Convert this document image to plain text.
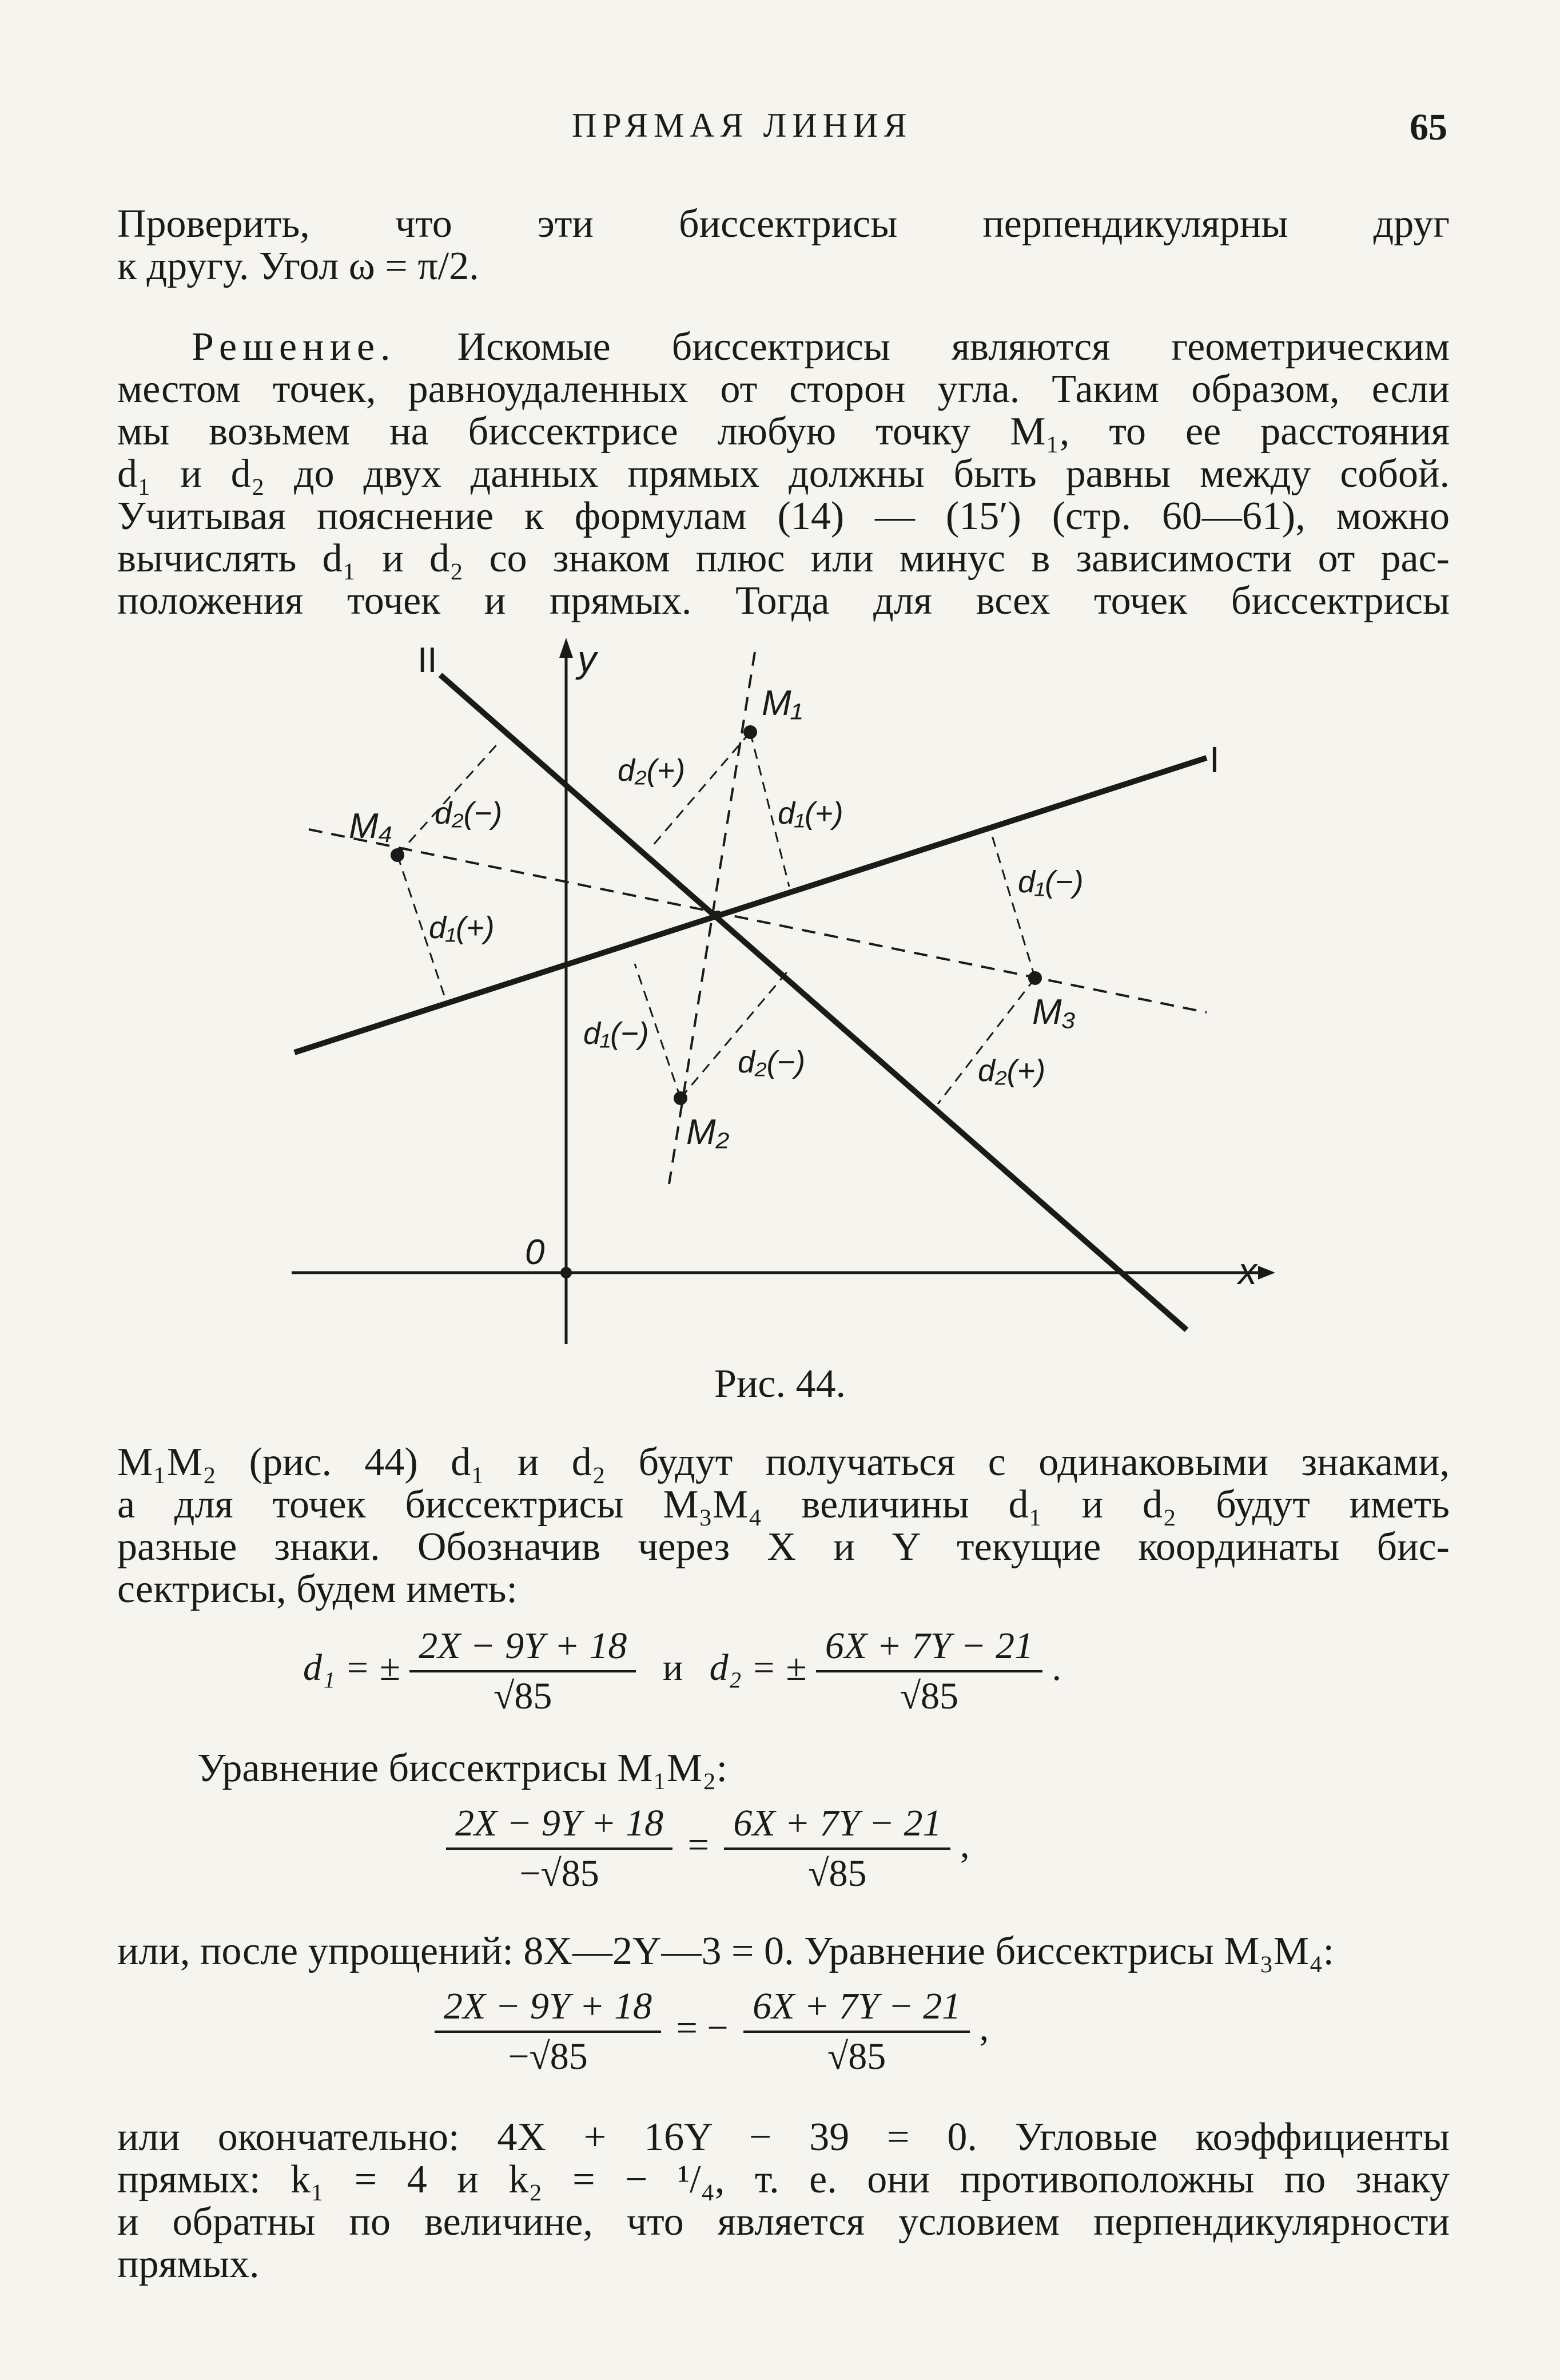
ПРЯМАЯ ЛИНИЯ	65

Проверить, что эти биссектрисы перпендикулярны друг

к другу. Угол ω = π/2.

Решение. Искомые биссектрисы являются геометрическим

местом точек, равноудаленных от сторон угла. Таким образом, если

мы возьмем на биссектрисе любую точку M₁, то ее расстояния

d₁ и d₂ до двух данных прямых должны быть равны между собой.

Учитывая пояснение к формулам (14) — (15′) (стр. 60—61), можно

вычислять d₁ и d₂ со знаком плюс или минус в зависимости от рас-

положения точек и прямых. Тогда для всех точек биссектрисы

II
I
y
x
0
M₁
M₂
M₃
M₄
d₂(+)
d₁(+)
d₁(−)
d₂(+)
d₁(−)
d₂(−)
d₂(−)
d₁(+)
Рис. 44.

M₁M₂ (рис. 44) d₁ и d₂ будут получаться с одинаковыми знаками,

а для точек биссектрисы M₃M₄ величины d₁ и d₂ будут иметь

разные знаки. Обозначив через X и Y текущие координаты бис-

сектрисы, будем иметь:

d₁ = ± $\frac{2X - 9Y + 18}{√85}$ и d₂ = ± $\frac{6X + 7Y - 21}{√85}$ .
Уравнение биссектрисы M₁M₂:
$\frac{2X - 9Y + 18}{-√85} = \frac{6X + 7Y - 21}{√85}$ ,
или, после упрощений: 8X—2Y—3 = 0. Уравнение биссектрисы M₃M₄:
$\frac{2X - 9Y + 18}{-√85}$ = − $\frac{6X + 7Y - 21}{√85}$ ,

или окончательно: 4X + 16Y − 39 = 0. Угловые коэффициенты

прямых: k₁ = 4 и k₂ = − ¹/₄, т. е. они противоположны по знаку

и обратны по величине, что является условием перпендикулярности

прямых.
